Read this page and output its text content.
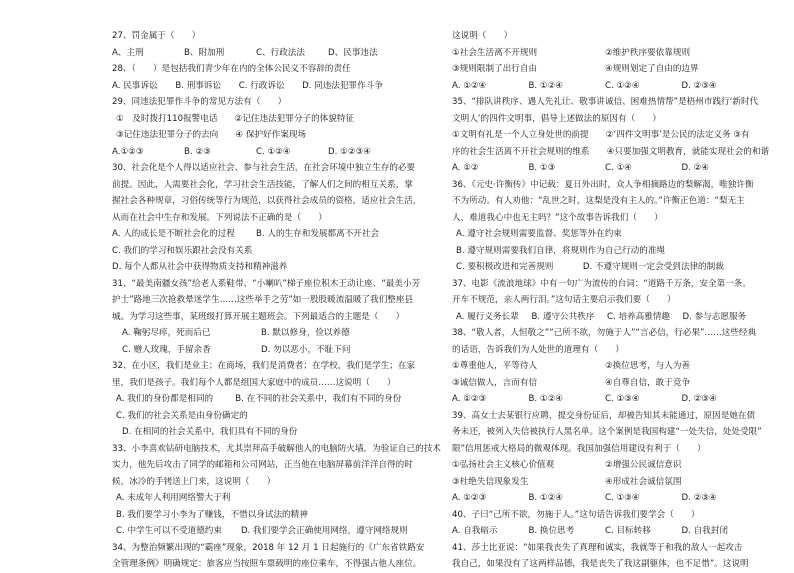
27、罚金属于（　　）
A、主刑	B、附加刑	C、行政法法	D、民事违法
28、（　　）是包括我们青少年在内的全体公民义不容辞的责任
A. 民事诉讼	B. 刑事诉讼	C. 行政诉讼	D. 同违法犯罪作斗争
29、同违法犯罪作斗争的常见方法有（　　）
①　及时拨打110报警电话　　②记住违法犯罪分子的体貌特征
③记住违法犯罪分子的去向　　④ 保护好作案现场
A.①②③	B. ②③	C. ①②④	D. ①②③④
30、社会化是个人得以适应社会、参与社会生活，在社会环境中独立生存的必要
前提。因此，人需要社会化，学习社会生活技能，了解人们之间的相互关系，掌
握社会各种规章，习俗传统等行为规范，以获得社会成员的资格，适应社会生活，
从而在社会中生存和发展。下列说法不正确的是（　　）
A. 人的成长是不断社会化的过程	B. 人的生存和发展都离不开社会
C. 我们的学习和娱乐跟社会没有关系
D. 每个人都从社会中获得物质支持和精神滋养
31、“最美南疆女孩”给老人系鞋带、“小喇叭”梯子座位积木王动让座、“最美小芳
护士”路地三次抢救晕迷学生……这些举手之劳”如一股股暖流温暖了我们整座县
城。为学习这些事，某班级打算开展主题班会。下列最适合的主题是（　　）
A. 鞠躬尽瘁，死而后已	B. 默以修身，俭以养德
C. 赠人玫瑰，手留余香	D. 勿以恶小，不耻下问
32、在小区，我们是业主；在商场，我们是消费者；在学校，我们是学生；在家
里，我们是孩子。我们每个人都是组国大家庭中的成员……这说明（　　）
A. 我们的身份都是相同的	B. 在不同的社会关系中，我们有不同的身份
C. 我们的社会关系是由身份确定的
D. 在相同的社会关系中，我们具有不同的身份
33、小李喜欢钻研电脑技术，尤其崇拜高手破解他人的电脑防火墙，为验证自己的技术
实力，他先后攻击了同学的邮箱和公司网站，正当他在电脑屏幕前洋洋自得的时
候，冰冷的手铐送上门来，这说明（　　）
A. 未成年人利用网络警大于利
B. 我们要学习小李为了赚钱，不惜以身试法的精神
C. 中学生可以不受道德约束	D. 我们要学会正确使用网络，遵守网络规则
34、为整治频繁出现的“霸座”现象，2018 年 12 月 1 日起施行的《广东省铁路安
全管理条例》明确规定：旅客应当按照车票载明的座位乘车，不得强占他人座位。
这说明（　　）
①社会生活离不开规则	②维护秩序要依靠规则
③规则限制了出行自由	④规则划定了自由的边界
A. ①②④	B. ①②④	C. ①②④	D. ②③④
35、“排队讲秩序、遇人先礼让、敬事讲诚信、困难热情帮”是梧州市践行‘新时代
文明人’的四件文明事，倡导上述做法的原因有（　　）
①文明有礼是一个人立身处世的前提　　②‘四件文明事’是公民的法定义务 ③有
序的社会生活离不开社会规则的维系　　④只要加强文明教育，就能实现社会的和谐
A. ①②	B. ①③	C. ①④	D. ②④
36、《元史·许衡传》中记载：夏日外出时，众人争相摘路边的梨解渴，唯独许衡
不为所动。有人劝他：“乱世之时，这梨是没有主人的。”许衡正色道：“梨无主
人，难道我心中也无主吗？”这个故事告诉我们（　　）
A. 遵守社会规则需要监督、奖惩等外在约束
B. 遵守规则需要我们自律，将规则作为自己行动的准绳
C. 要积极改进和完善规则	D. 不遵守规则一定会受到法律的制裁
37、电影《流浪地球》中有一句广为流传的台词：“道路千万条，安全第一条。
开车不规范，亲人两行泪。”这句话主要启示我们要（　　）
A. 履行义务长辈	B. 遵守公共秩序	C. 培养高雅情趣	D. 参与志愿服务
38、“敬人者，人恒敬之”“己所不欲，勿施于人”“言必信，行必果”……这些经典
的话语，告诉我们为人处世的道理有（　　）
①尊重他人，平等待人	②换位思考，与人为善
③诚信做人，言而有信	④自尊自信，敢于竞争
A. ①②③	B. ①②④	C. ①③④	D. ②③④
39、高女士去某银行应聘，提交身份证后，却被告知其未能通过，原因是她在债
务未还，被列入失信被执行人黑名单。这个案例是我国构建“一处失信，处处受限”
限”信用惩戒大格局的微观体现。我国加强信用建设有利于（　　）
①弘扬社会主义核心价值观	②增强公民诚信意识
③杜绝失信现象发生	④形成社会诚信氛围
A. ①②③	B. ①②④	C. ①③④	D. ②③④
40、子曰“己所不欲，勿施于人。”这句话告诉我们要学会（　　）
A. 自我暗示	B. 换位思考	C. 目标转移	D. 自我封闭
41、莎士比亚说：“如果我丧失了真理和诚实，我就等于和我的敌人一起攻击
我自己，如果没有了这两样品德，我是丧失了我这副躯体，也不足惜”。这说明
